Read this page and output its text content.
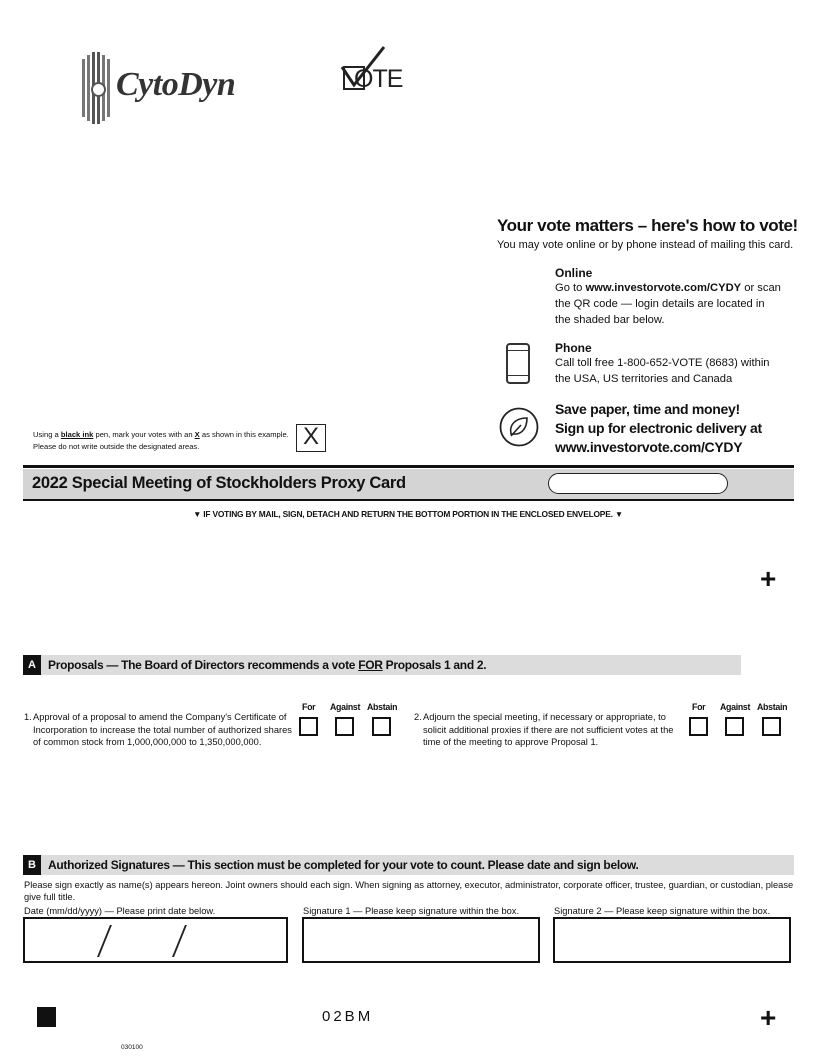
CytoDyn	OTE
Your vote matters – here's how to vote!
You may vote online or by phone instead of mailing this card.
Online
Go to www.investorvote.com/CYDY or scan
the QR code — login details are located in
the shaded bar below.
Phone
Call toll free 1-800-652-VOTE (8683) within
the USA, US territories and Canada
Save paper, time and money!
Sign up for electronic delivery at
www.investorvote.com/CYDY
Using a black ink pen, mark your votes with an X as shown in this example.
Please do not write outside the designated areas.	X
2022 Special Meeting of Stockholders Proxy Card
▼ IF VOTING BY MAIL, SIGN, DETACH AND RETURN THE BOTTOM PORTION IN THE ENCLOSED ENVELOPE. ▼
+
A	Proposals — The Board of Directors recommends a vote FOR Proposals 1 and 2.
1. Approval of a proposal to amend the Company's Certificate of
Incorporation to increase the total number of authorized shares
of common stock from 1,000,000,000 to 1,350,000,000.
For Against Abstain
2. Adjourn the special meeting, if necessary or appropriate, to
solicit additional proxies if there are not sufficient votes at the
time of the meeting to approve Proposal 1.
For Against Abstain
B	Authorized Signatures — This section must be completed for your vote to count. Please date and sign below.
Please sign exactly as name(s) appears hereon. Joint owners should each sign. When signing as attorney, executor, administrator, corporate officer, trustee, guardian, or custodian, please give full title.
Date (mm/dd/yyyy) — Please print date below.	Signature 1 — Please keep signature within the box.	Signature 2 — Please keep signature within the box.
02BM	+
030100
